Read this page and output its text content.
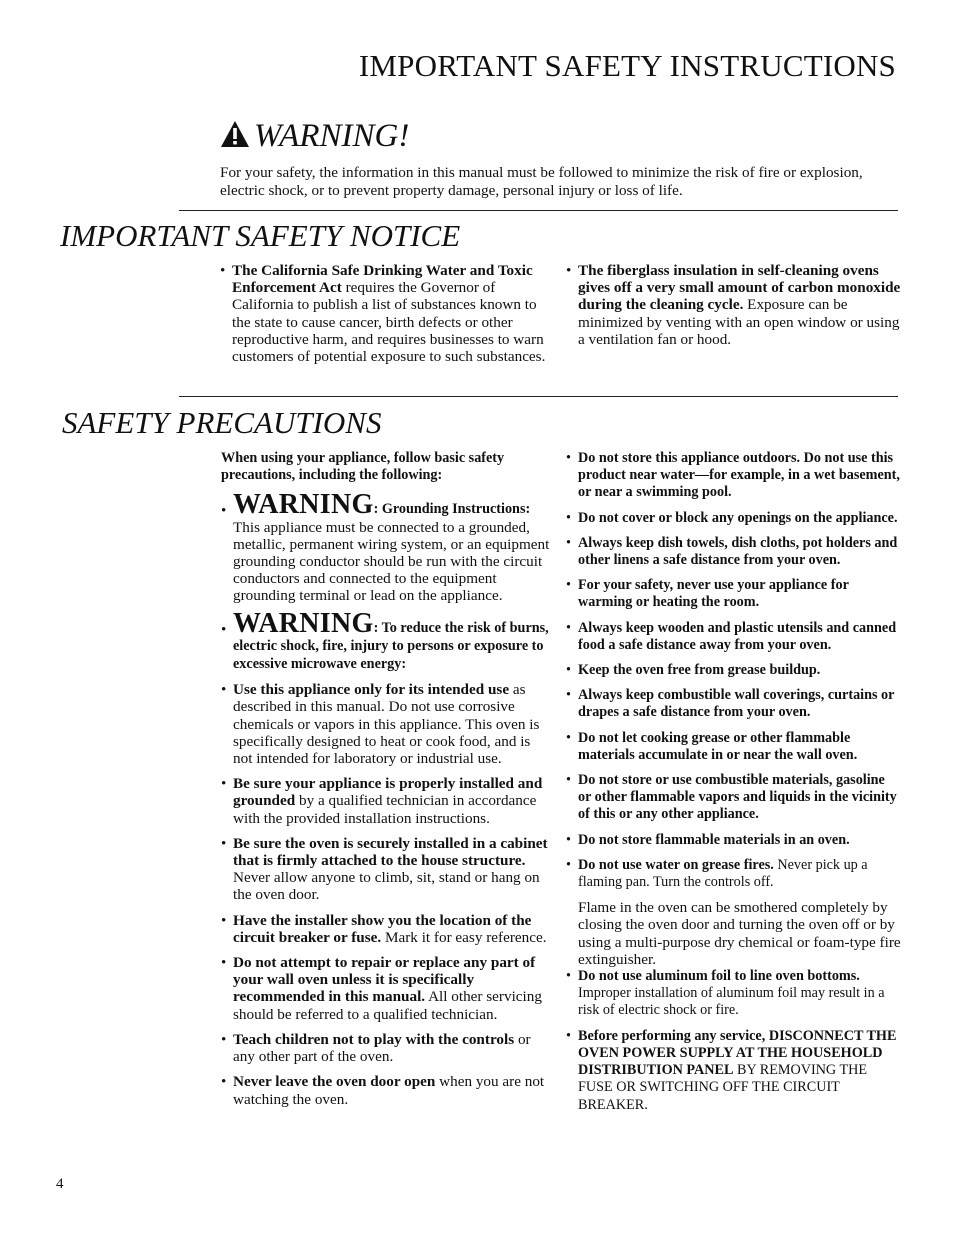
IMPORTANT SAFETY INSTRUCTIONS
WARNING!
For your safety, the information in this manual must be followed to minimize the risk of fire or explosion, electric shock, or to prevent property damage, personal injury or loss of life.
IMPORTANT SAFETY NOTICE
• The California Safe Drinking Water and Toxic Enforcement Act requires the Governor of California to publish a list of substances known to the state to cause cancer, birth defects or other reproductive harm, and requires businesses to warn customers of potential exposure to such substances.
• The fiberglass insulation in self-cleaning ovens gives off a very small amount of carbon monoxide during the cleaning cycle. Exposure can be minimized by venting with an open window or using a ventilation fan or hood.
SAFETY PRECAUTIONS

When using your appliance, follow basic safety precautions, including the following:

• WARNING: Grounding Instructions: This appliance must be connected to a grounded, metallic, permanent wiring system, or an equipment grounding conductor should be run with the circuit conductors and connected to the equipment grounding terminal or lead on the appliance.
• WARNING: To reduce the risk of burns, electric shock, fire, injury to persons or exposure to excessive microwave energy:
• Use this appliance only for its intended use as described in this manual. Do not use corrosive chemicals or vapors in this appliance. This oven is specifically designed to heat or cook food, and is not intended for laboratory or industrial use.
• Be sure your appliance is properly installed and grounded by a qualified technician in accordance with the provided installation instructions.
• Be sure the oven is securely installed in a cabinet that is firmly attached to the house structure. Never allow anyone to climb, sit, stand or hang on the oven door.
• Have the installer show you the location of the circuit breaker or fuse. Mark it for easy reference.
• Do not attempt to repair or replace any part of your wall oven unless it is specifically recommended in this manual. All other servicing should be referred to a qualified technician.
• Teach children not to play with the controls or any other part of the oven.
• Never leave the oven door open when you are not watching the oven.
• Do not store this appliance outdoors. Do not use this product near water—for example, in a wet basement, or near a swimming pool.
• Do not cover or block any openings on the appliance.
• Always keep dish towels, dish cloths, pot holders and other linens a safe distance from your oven.
• For your safety, never use your appliance for warming or heating the room.
• Always keep wooden and plastic utensils and canned food a safe distance away from your oven.
• Keep the oven free from grease buildup.
• Always keep combustible wall coverings, curtains or drapes a safe distance from your oven.
• Do not let cooking grease or other flammable materials accumulate in or near the wall oven.
• Do not store or use combustible materials, gasoline or other flammable vapors and liquids in the vicinity of this or any other appliance.
• Do not store flammable materials in an oven.
• Do not use water on grease fires. Never pick up a flaming pan. Turn the controls off.

Flame in the oven can be smothered completely by closing the oven door and turning the oven off or by using a multi-purpose dry chemical or foam-type fire extinguisher.

• Do not use aluminum foil to line oven bottoms. Improper installation of aluminum foil may result in a risk of electric shock or fire.
• Before performing any service, DISCONNECT THE OVEN POWER SUPPLY AT THE HOUSEHOLD DISTRIBUTION PANEL BY REMOVING THE FUSE OR SWITCHING OFF THE CIRCUIT BREAKER.
4
